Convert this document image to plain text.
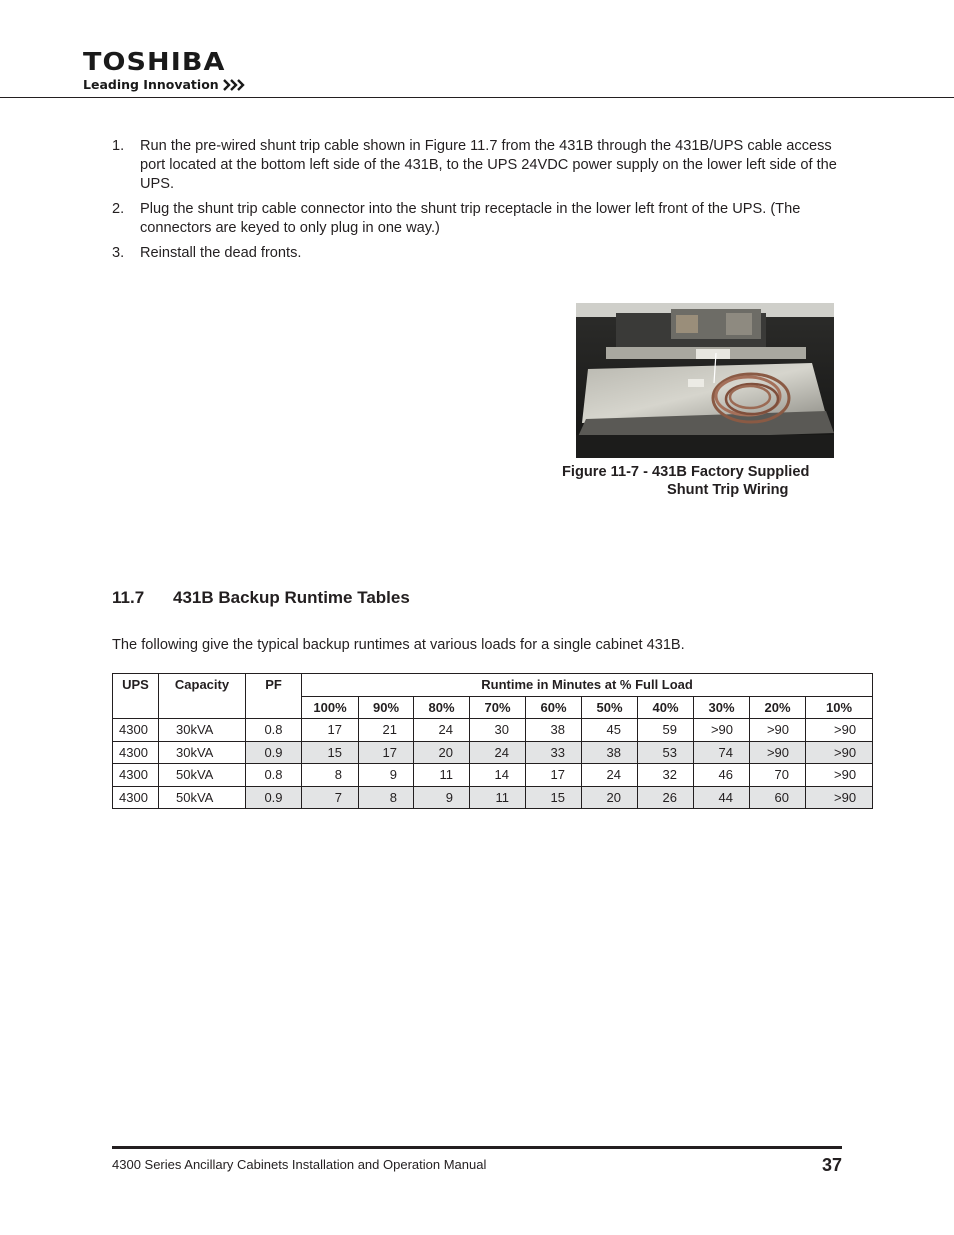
TOSHIBA
Leading Innovation
1. Run the pre-wired shunt trip cable shown in Figure 11.7 from the 431B through the 431B/UPS cable access port located at the bottom left side of the 431B, to the UPS 24VDC power supply on the lower left side of the UPS.
2. Plug the shunt trip cable connector into the shunt trip receptacle in the lower left front of the UPS. (The connectors are keyed to only plug in one way.)
3. Reinstall the dead fronts.
Figure 11-7 - 431B Factory Supplied
Shunt Trip Wiring
11.7 431B Backup Runtime Tables
The following give the typical backup runtimes at various loads for a single cabinet 431B.
UPS	Capacity	PF	Runtime in Minutes at % Full Load									
			100%	90%	80%	70%	60%	50%	40%	30%	20%	10%
4300	30kVA	0.8	17	21	24	30	38	45	59	>90	>90	>90
4300	30kVA	0.9	15	17	20	24	33	38	53	74	>90	>90
4300	50kVA	0.8	8	9	11	14	17	24	32	46	70	>90
4300	50kVA	0.9	7	8	9	11	15	20	26	44	60	>90
4300 Series Ancillary Cabinets Installation and Operation Manual	37
